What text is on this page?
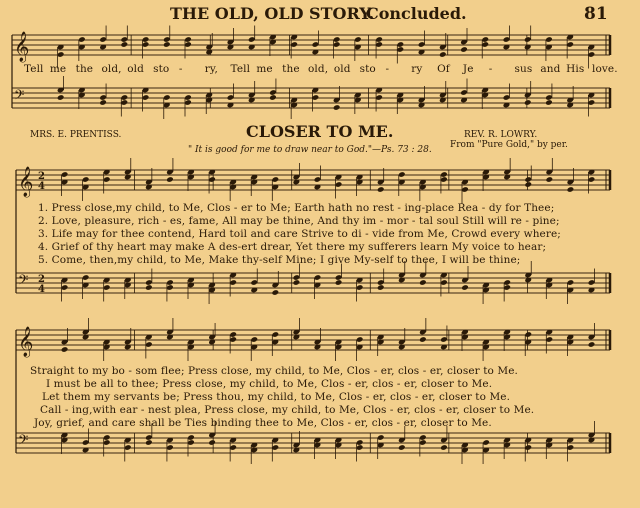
THE OLD, OLD STORY.
Concluded.	81
𝄞
𝄢
𝄞 2
4
𝄢 2
4
𝄞
𝄢
Tell me the old, old sto - ry, Tell me the old, old sto - ry Of Je - sus and His love.
MRS. E. PRENTISS.	CLOSER TO ME.	REV. R. LOWRY.
" It is good for me to draw near to God."—Ps. 73 : 28. From "Pure Gold," by per.
1. Press close,my child, to Me, Clos - er to Me; Earth hath no rest - ing-place Rea - dy for Thee;
2. Love, pleasure, rich - es, fame, All may be thine, And thy im - mor - tal soul Still will re - pine;
3. Life may for thee contend, Hard toil and care Strive to di - vide from Me, Crowd every where;
4. Grief of thy heart may make A des-ert drear, Yet there my sufferers learn My voice to hear;
5. Come, then,my child, to Me, Make thy-self Mine; I give My-self to thee, I will be thine;
Straight to my bo - som flee; Press close, my child, to Me, Clos - er, clos - er, closer to Me.
I must be all to thee; Press close, my child, to Me, Clos - er, clos - er, closer to Me.
Let them my servants be; Press thou, my child, to Me, Clos - er, clos - er, closer to Me.
Call - ing,with ear - nest plea, Press close, my child, to Me, Clos - er, clos - er, closer to Me.
Joy, grief, and care shall be Ties binding thee to Me, Clos - er, clos - er, closer to Me.
